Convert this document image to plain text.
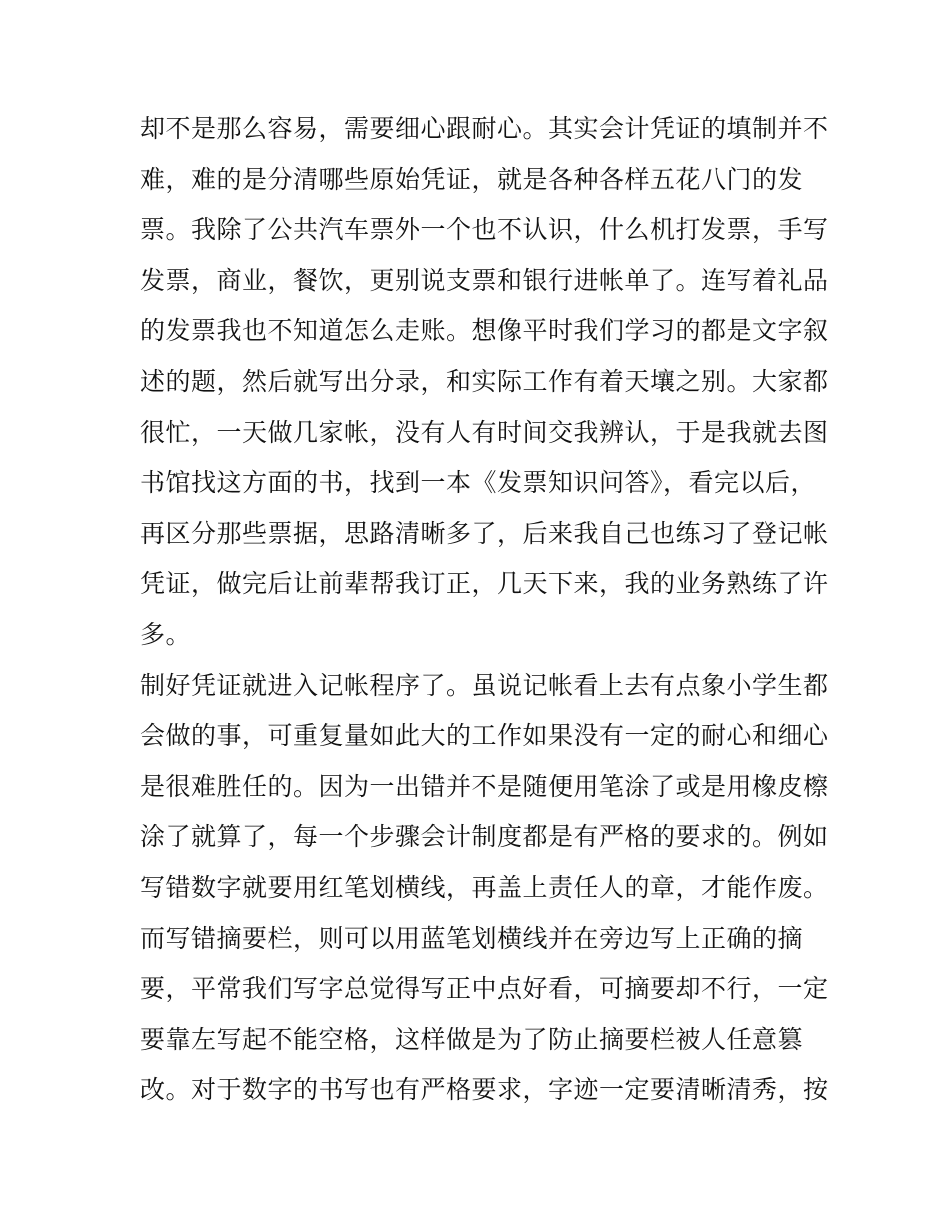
却不是那么容易，需要细心跟耐心。其实会计凭证的填制并不
难，难的是分清哪些原始凭证，就是各种各样五花八门的发
票。我除了公共汽车票外一个也不认识，什么机打发票，手写
发票，商业，餐饮，更别说支票和银行进帐单了。连写着礼品
的发票我也不知道怎么走账。想像平时我们学习的都是文字叙
述的题，然后就写出分录，和实际工作有着天壤之别。大家都
很忙，一天做几家帐，没有人有时间交我辨认，于是我就去图
书馆找这方面的书，找到一本《发票知识问答》，看完以后，
再区分那些票据，思路清晰多了，后来我自己也练习了登记帐
凭证，做完后让前辈帮我订正，几天下来，我的业务熟练了许
多。
制好凭证就进入记帐程序了。虽说记帐看上去有点象小学生都
会做的事，可重复量如此大的工作如果没有一定的耐心和细心
是很难胜任的。因为一出错并不是随便用笔涂了或是用橡皮檫
涂了就算了，每一个步骤会计制度都是有严格的要求的。例如
写错数字就要用红笔划横线，再盖上责任人的章，才能作废。
而写错摘要栏，则可以用蓝笔划横线并在旁边写上正确的摘
要，平常我们写字总觉得写正中点好看，可摘要却不行，一定
要靠左写起不能空格，这样做是为了防止摘要栏被人任意篡
改。对于数字的书写也有严格要求，字迹一定要清晰清秀，按
